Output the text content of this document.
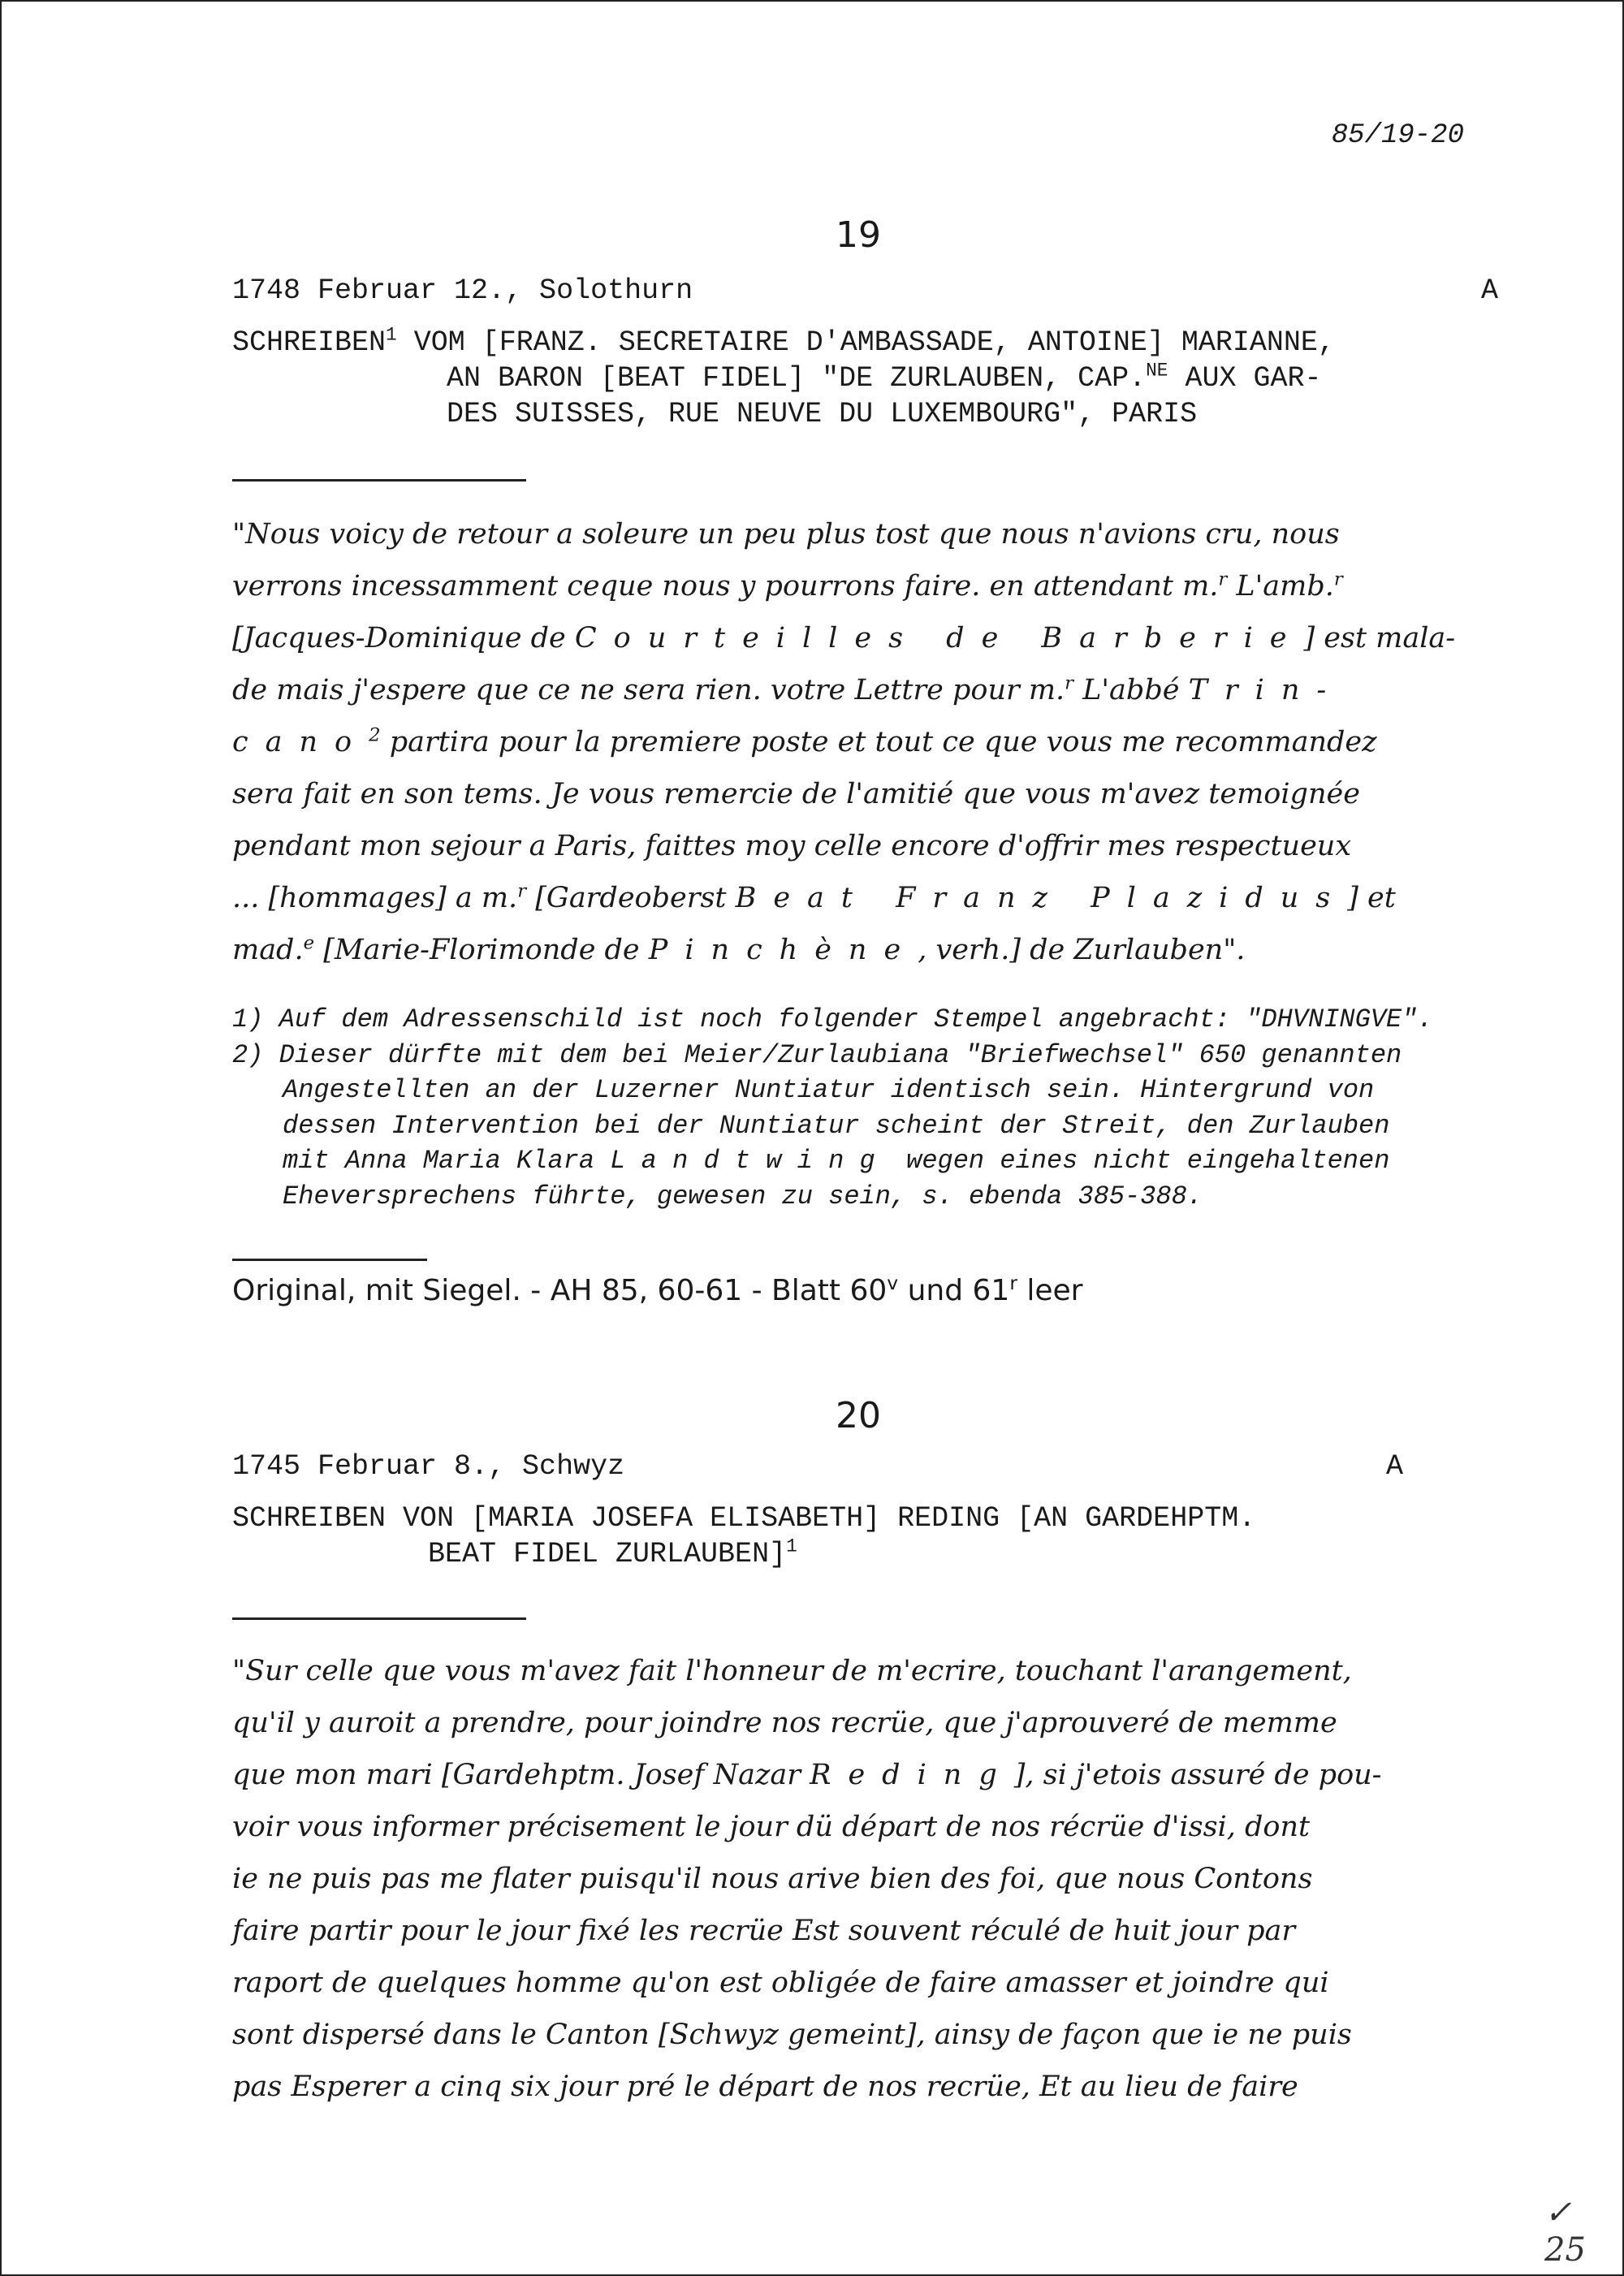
85/19-20
19
1748 Februar 12., Solothurn	A
SCHREIBEN$^1$ VOM [FRANZ. SECRETAIRE D'AMBASSADE, ANTOINE] MARIANNE,
AN BARON [BEAT FIDEL] "DE ZURLAUBEN, CAP.$^{NE}$ AUX GAR-
DES SUISSES, RUE NEUVE DU LUXEMBOURG", PARIS
"Nous voicy de retour a soleure un peu plus tost que nous n'avions cru, nous
verrons incessamment ceque nous y pourrons faire. en attendant m.$^r$ L'amb.$^r$
[Jacques-Dominique de Courteilles de Barberie] est mala-
de mais j'espere que ce ne sera rien. votre Lettre pour m.$^r$ L'abbé Trin-
cano$^2$ partira pour la premiere poste et tout ce que vous me recommandez
sera fait en son tems. Je vous remercie de l'amitié que vous m'avez temoignée
pendant mon sejour a Paris, faittes moy celle encore d'offrir mes respectueux
... [hommages] a m.$^r$ [Gardeoberst Beat Franz Plazidus] et
mad.$^e$ [Marie-Florimonde de Pinchène, verh.] de Zurlauben".
1) Auf dem Adressenschild ist noch folgender Stempel angebracht: "DHVNINGVE".
2) Dieser dürfte mit dem bei Meier/Zurlaubiana "Briefwechsel" 650 genannten
Angestellten an der Luzerner Nuntiatur identisch sein. Hintergrund von
dessen Intervention bei der Nuntiatur scheint der Streit, den Zurlauben
mit Anna Maria Klara Landtwing wegen eines nicht eingehaltenen
Eheversprechens führte, gewesen zu sein, s. ebenda 385-388.
Original, mit Siegel. - AH 85, 60-61 - Blatt 60$^v$ und 61$^r$ leer
20
1745 Februar 8., Schwyz	A
SCHREIBEN VON [MARIA JOSEFA ELISABETH] REDING [AN GARDEHPTM.
BEAT FIDEL ZURLAUBEN]$^1$
"Sur celle que vous m'avez fait l'honneur de m'ecrire, touchant l'arangement,
qu'il y auroit a prendre, pour joindre nos recrüe, que j'aprouveré de memme
que mon mari [Gardehptm. Josef Nazar Reding], si j'etois assuré de pou-
voir vous informer précisement le jour dü départ de nos récrüe d'issi, dont
ie ne puis pas me flater puisqu'il nous arive bien des foi, que nous Contons
faire partir pour le jour fixé les recrüe Est souvent réculé de huit jour par
raport de quelques homme qu'on est obligée de faire amasser et joindre qui
sont dispersé dans le Canton [Schwyz gemeint], ainsy de façon que ie ne puis
pas Esperer a cinq six jour pré le départ de nos recrüe, Et au lieu de faire
✓ 25
